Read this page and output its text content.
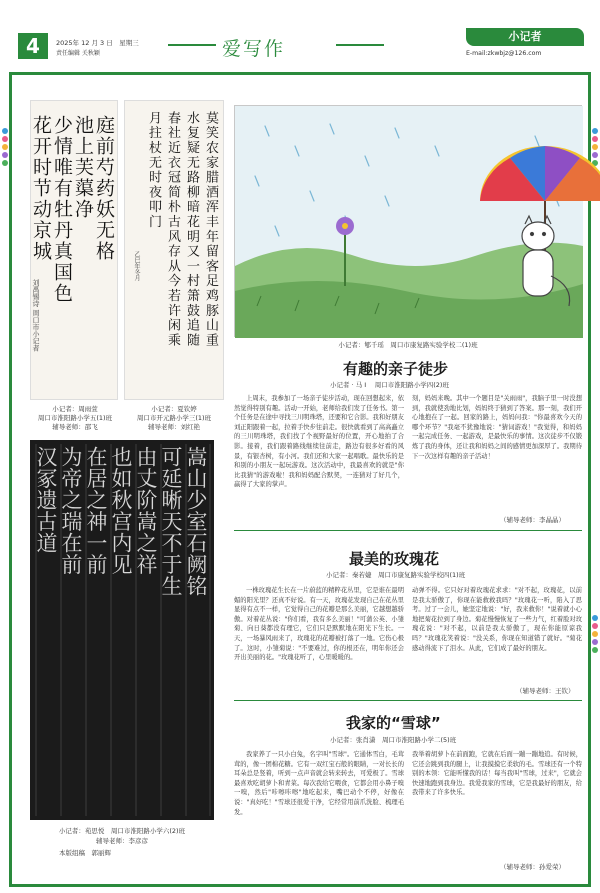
4	2025年 12 月 3 日　星期三
责任编辑 关秋颖	爱写作
小记者
E-mail:zkwbjz@126.com
庭前芍药妖无格
池上芙蕖净
少情唯有牡丹真国色
花开时节动京城
刘禹锡诗 周口市小记者
小记者：周雨萱
周口市淮阳路小学五(1)班
辅导老师：邵飞
莫笑农家腊酒浑丰年留客足鸡豚山重
水复疑无路柳暗花明又一村箫鼓追随
春社近衣冠简朴古风存从今若许闲乘
月拄杖无时夜叩门
乙巳年冬月
小记者：夏钦婷
周口市开元路小学三(1)班
辅导老师：刘红艳
嵩山少室石阙铭
可延晰天不于生
由丈阶嵩之祥
也如秋宫内见
在居之神一前
为帝之瑞在前
汉冢遗古道
小记者：苑思悦　周口市淮阳路小学六(2)班
辅导老师：李彦彦
本版组稿　郭丽辉
小记者：郇千瑶　周口市康复路实验学校二(1)班
有趣的亲子徒步
小记者 · 马 I 　周口市淮阳路小学四(2)班
上周末，我参加了一场亲子徒步活动，现在回想起来，依然觉得特别有趣。活动一开始，老师给我们发了任务书。第一个任务是在途中寻找三川明珠塔，还要和它合影。我和好朋友刘正阳跟着一起，拉着手快步往前走。很快就看到了高高矗立的三川明珠塔，我们找了个视野最好的位置，开心地拍了合影。接着，我们跟着路线继续往前走，路边有很多好看的风景，有银杏树，有小河。我们还和大家一起唱歌。最快乐的是和别的小朋友一起玩游戏。这次活动中，我最喜欢的就是"你比我猜"的游戏啦！我和妈妈配合默契，一连猜对了好几个，赢得了大家的掌声。
刻，妈妈来晚。其中一个题目是"关雨雨"，我脑子里一时没想到，我就使劲地比划，妈妈终于猜到了答案。那一刻，我们开心地抱在了一起。回家的路上，妈妈问我："你最喜欢今天的哪个环节？"我毫不犹豫地说："猜词游戏！"我觉得，和妈妈一起完成任务、一起游戏，是最快乐的事情。这次徒步不仅锻炼了我的身体，还让我和妈妈之间的感情更加深厚了。我期待下一次这样有趣的亲子活动！
（辅导老师：李晶晶）
最美的玫瑰花
小记者：秦若婕　周口市康复路实验学校四(1)班
一株玫瑰花生长在一片蔚蓝的精粹花丛里，它是谁在最明媚的阳光里？还真不好说。有一天，玫瑰花发现自己在花丛里显得有点不一样，它觉得自己的花瓣是那么美丽，它越想越骄傲。对着花丛说："你们看，我有多么美丽！"可蒲公英、小雏菊、向日葵都没有理它，它们只是默默地在阳光下生长。一天，一场暴风雨来了，玫瑰花的花瓣被打落了一地。它伤心极了。这时，小雏菊说："不要难过，你的根还在，明年你还会开出美丽的花。"玫瑰花听了，心里暖暖的。
动弹不得。它只好对着玫瑰花求求："对不起，玫瑰花，以前是我太骄傲了，你现在能救救我吗？"玫瑰花一听，陷入了思考。过了一会儿，她坚定地说："好，我来救你！"说着就小心地把菊花拉到了身边。菊花慢慢恢复了一些力气，红着脸对玫瑰花说："对不起，以前是我太骄傲了，现在你能原谅我吗？"玫瑰花笑着说："没关系，你现在知道错了就好。"菊花感动得流下了泪水。从此，它们成了最好的朋友。
（辅导老师：王钦）
我家的“雪球”
小记者：张肖潇　周口市淮阳路小学二(5)班
我家养了一只小白兔，名字叫"雪球"。它通体雪白，毛茸茸的，像一团棉花糖。它有一双红宝石般的眼睛，一对长长的耳朵总是竖着，听到一点声音就会转来转去，可爱极了。雪球最喜欢吃胡萝卜和青菜。每次我给它喂食，它都会用小鼻子嗅一嗅，然后"咔嚓咔嚓"地吃起来，嘴巴动个不停，好像在说："真好吃！"雪球还很爱干净，它经常用前爪洗脸、梳理毛发。
我举着胡萝卜在前面跑，它就在后面一蹦一蹦地追。有时候，它还会跳到我的腿上，让我摸摸它柔软的毛。雪球还有一个特别的本领：它能听懂我的话！每当我叫"雪球，过来"，它就会快速地跑到我身边。我爱我家的雪球，它是我最好的朋友，给我带来了许多快乐。
（辅导老师：孙爱荣）
